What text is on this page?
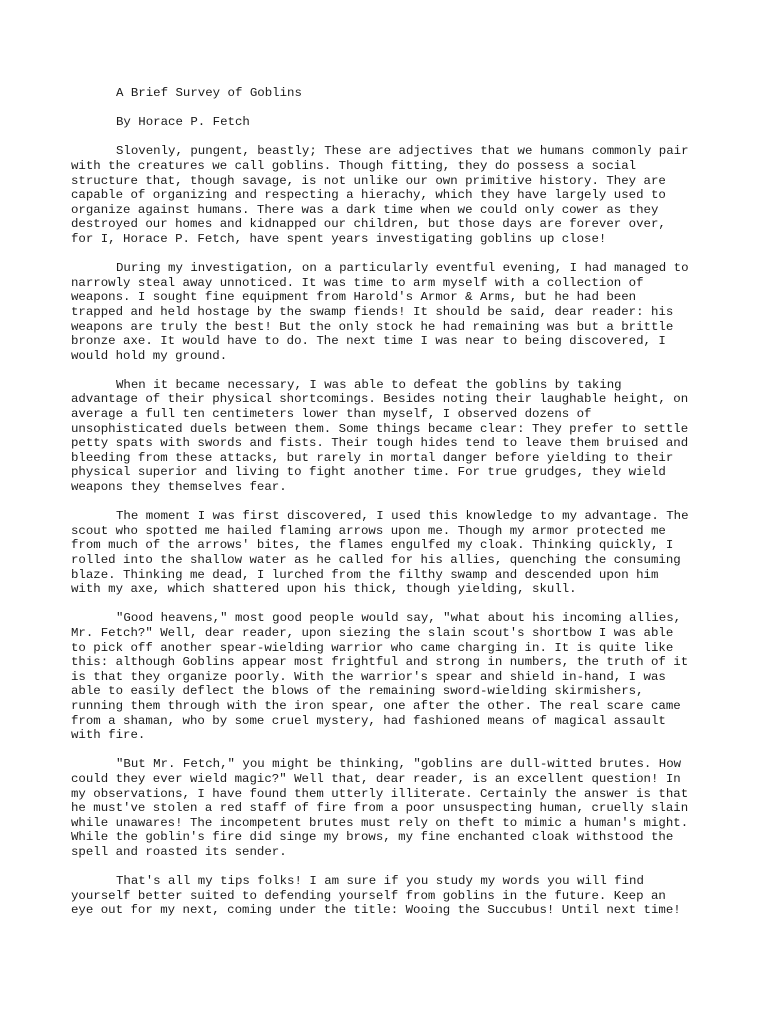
A Brief Survey of Goblins

By Horace P. Fetch

Slovenly, pungent, beastly; These are adjectives that we humans commonly pair

with the creatures we call goblins. Though fitting, they do possess a social

structure that, though savage, is not unlike our own primitive history. They are

capable of organizing and respecting a hierachy, which they have largely used to

organize against humans. There was a dark time when we could only cower as they

destroyed our homes and kidnapped our children, but those days are forever over,

for I, Horace P. Fetch, have spent years investigating goblins up close!

During my investigation, on a particularly eventful evening, I had managed to

narrowly steal away unnoticed. It was time to arm myself with a collection of

weapons. I sought fine equipment from Harold's Armor & Arms, but he had been

trapped and held hostage by the swamp fiends! It should be said, dear reader: his

weapons are truly the best! But the only stock he had remaining was but a brittle

bronze axe. It would have to do. The next time I was near to being discovered, I

would hold my ground.

When it became necessary, I was able to defeat the goblins by taking

advantage of their physical shortcomings. Besides noting their laughable height, on

average a full ten centimeters lower than myself, I observed dozens of

unsophisticated duels between them. Some things became clear: They prefer to settle

petty spats with swords and fists. Their tough hides tend to leave them bruised and

bleeding from these attacks, but rarely in mortal danger before yielding to their

physical superior and living to fight another time. For true grudges, they wield

weapons they themselves fear.

The moment I was first discovered, I used this knowledge to my advantage. The

scout who spotted me hailed flaming arrows upon me. Though my armor protected me

from much of the arrows' bites, the flames engulfed my cloak. Thinking quickly, I

rolled into the shallow water as he called for his allies, quenching the consuming

blaze. Thinking me dead, I lurched from the filthy swamp and descended upon him

with my axe, which shattered upon his thick, though yielding, skull.

"Good heavens," most good people would say, "what about his incoming allies,

Mr. Fetch?" Well, dear reader, upon siezing the slain scout's shortbow I was able

to pick off another spear-wielding warrior who came charging in. It is quite like

this: although Goblins appear most frightful and strong in numbers, the truth of it

is that they organize poorly. With the warrior's spear and shield in-hand, I was

able to easily deflect the blows of the remaining sword-wielding skirmishers,

running them through with the iron spear, one after the other. The real scare came

from a shaman, who by some cruel mystery, had fashioned means of magical assault

with fire.

"But Mr. Fetch," you might be thinking, "goblins are dull-witted brutes. How

could they ever wield magic?" Well that, dear reader, is an excellent question! In

my observations, I have found them utterly illiterate. Certainly the answer is that

he must've stolen a red staff of fire from a poor unsuspecting human, cruelly slain

while unawares! The incompetent brutes must rely on theft to mimic a human's might.

While the goblin's fire did singe my brows, my fine enchanted cloak withstood the

spell and roasted its sender.

That's all my tips folks! I am sure if you study my words you will find

yourself better suited to defending yourself from goblins in the future. Keep an

eye out for my next, coming under the title: Wooing the Succubus! Until next time!
